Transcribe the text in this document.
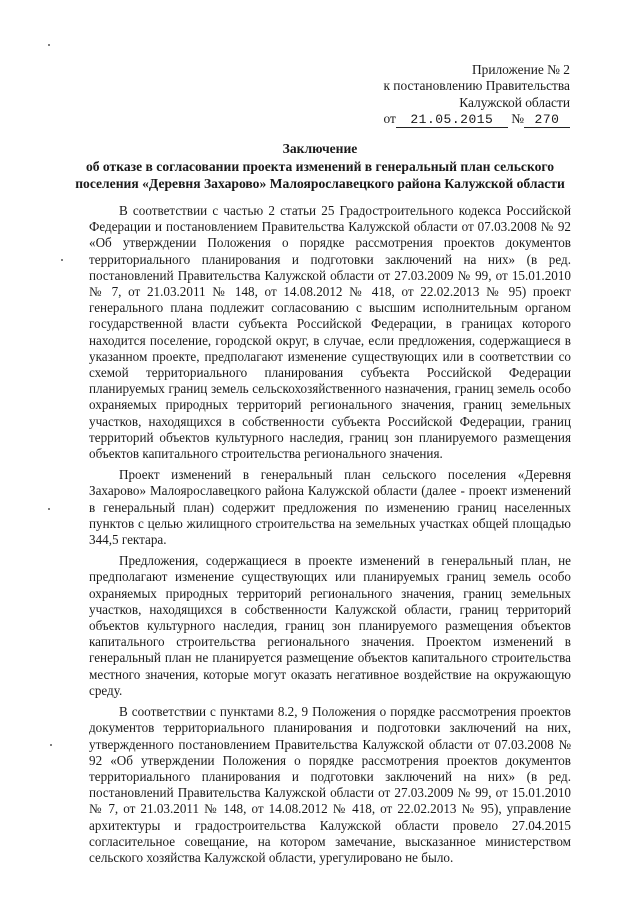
Приложение № 2
к постановлению Правительства
Калужской области
от 21.05.2015 № 270
Заключение
об отказе в согласовании проекта изменений в генеральный план сельского
поселения «Деревня Захарово» Малоярославецкого района Калужской области

В соответствии с частью 2 статьи 25 Градостроительного кодекса Российской Федерации и постановлением Правительства Калужской области от 07.03.2008 № 92 «Об утверждении Положения о порядке рассмотрения проектов документов территориального планирования и подготовки заключений на них» (в ред. постановлений Правительства Калужской области от 27.03.2009 № 99, от 15.01.2010 № 7, от 21.03.2011 № 148, от 14.08.2012 № 418, от 22.02.2013 № 95) проект генерального плана подлежит согласованию с высшим исполнительным органом государственной власти субъекта Российской Федерации, в границах которого находится поселение, городской округ, в случае, если предложения, содержащиеся в указанном проекте, предполагают изменение существующих или в соответствии со схемой территориального планирования субъекта Российской Федерации планируемых границ земель сельскохозяйственного назначения, границ земель особо охраняемых природных территорий регионального значения, границ земельных участков, находящихся в собственности субъекта Российской Федерации, границ территорий объектов культурного наследия, границ зон планируемого размещения объектов капитального строительства регионального значения.

Проект изменений в генеральный план сельского поселения «Деревня Захарово» Малоярославецкого района Калужской области (далее - проект изменений в генеральный план) содержит предложения по изменению границ населенных пунктов с целью жилищного строительства на земельных участках общей площадью 344,5 гектара.

Предложения, содержащиеся в проекте изменений в генеральный план, не предполагают изменение существующих или планируемых границ земель особо охраняемых природных территорий регионального значения, границ земельных участков, находящихся в собственности Калужской области, границ территорий объектов культурного наследия, границ зон планируемого размещения объектов капитального строительства регионального значения. Проектом изменений в генеральный план не планируется размещение объектов капитального строительства местного значения, которые могут оказать негативное воздействие на окружающую среду.

В соответствии с пунктами 8.2, 9 Положения о порядке рассмотрения проектов документов территориального планирования и подготовки заключений на них, утвержденного постановлением Правительства Калужской области от 07.03.2008 № 92 «Об утверждении Положения о порядке рассмотрения проектов документов территориального планирования и подготовки заключений на них» (в ред. постановлений Правительства Калужской области от 27.03.2009 № 99, от 15.01.2010 № 7, от 21.03.2011 № 148, от 14.08.2012 № 418, от 22.02.2013 № 95), управление архитектуры и градостроительства Калужской области провело 27.04.2015 согласительное совещание, на котором замечание, высказанное министерством сельского хозяйства Калужской области, урегулировано не было.
